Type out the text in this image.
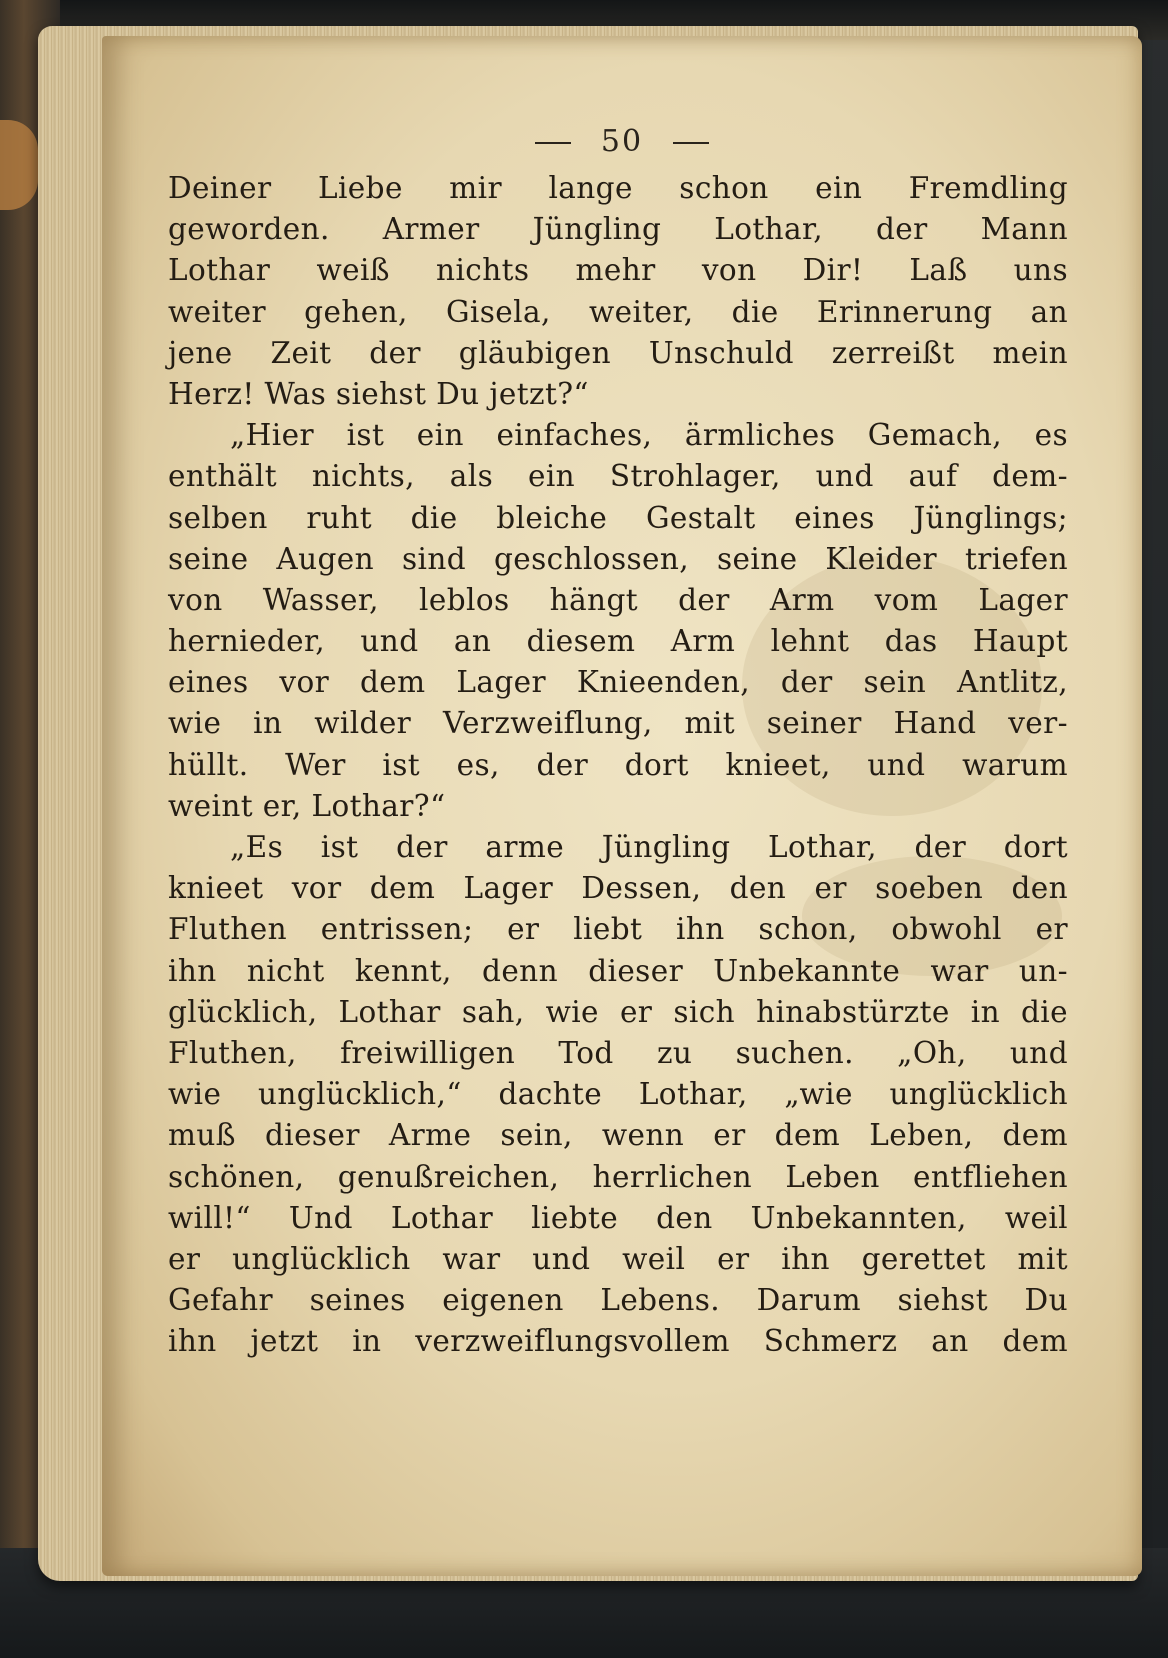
50
Deiner Liebe mir lange schon ein Fremdling
geworden. Armer Jüngling Lothar, der Mann
Lothar weiß nichts mehr von Dir! Laß uns
weiter gehen, Gisela, weiter, die Erinnerung an
jene Zeit der gläubigen Unschuld zerreißt mein
Herz! Was siehst Du jetzt?“
„Hier ist ein einfaches, ärmliches Gemach, es
enthält nichts, als ein Strohlager, und auf dem-
selben ruht die bleiche Gestalt eines Jünglings;
seine Augen sind geschlossen, seine Kleider triefen
von Wasser, leblos hängt der Arm vom Lager
hernieder, und an diesem Arm lehnt das Haupt
eines vor dem Lager Knieenden, der sein Antlitz,
wie in wilder Verzweiflung, mit seiner Hand ver-
hüllt. Wer ist es, der dort knieet, und warum
weint er, Lothar?“
„Es ist der arme Jüngling Lothar, der dort
knieet vor dem Lager Dessen, den er soeben den
Fluthen entrissen; er liebt ihn schon, obwohl er
ihn nicht kennt, denn dieser Unbekannte war un-
glücklich, Lothar sah, wie er sich hinabstürzte in die
Fluthen, freiwilligen Tod zu suchen. „Oh, und
wie unglücklich,“ dachte Lothar, „wie unglücklich
muß dieser Arme sein, wenn er dem Leben, dem
schönen, genußreichen, herrlichen Leben entfliehen
will!“ Und Lothar liebte den Unbekannten, weil
er unglücklich war und weil er ihn gerettet mit
Gefahr seines eigenen Lebens. Darum siehst Du
ihn jetzt in verzweiflungsvollem Schmerz an dem
